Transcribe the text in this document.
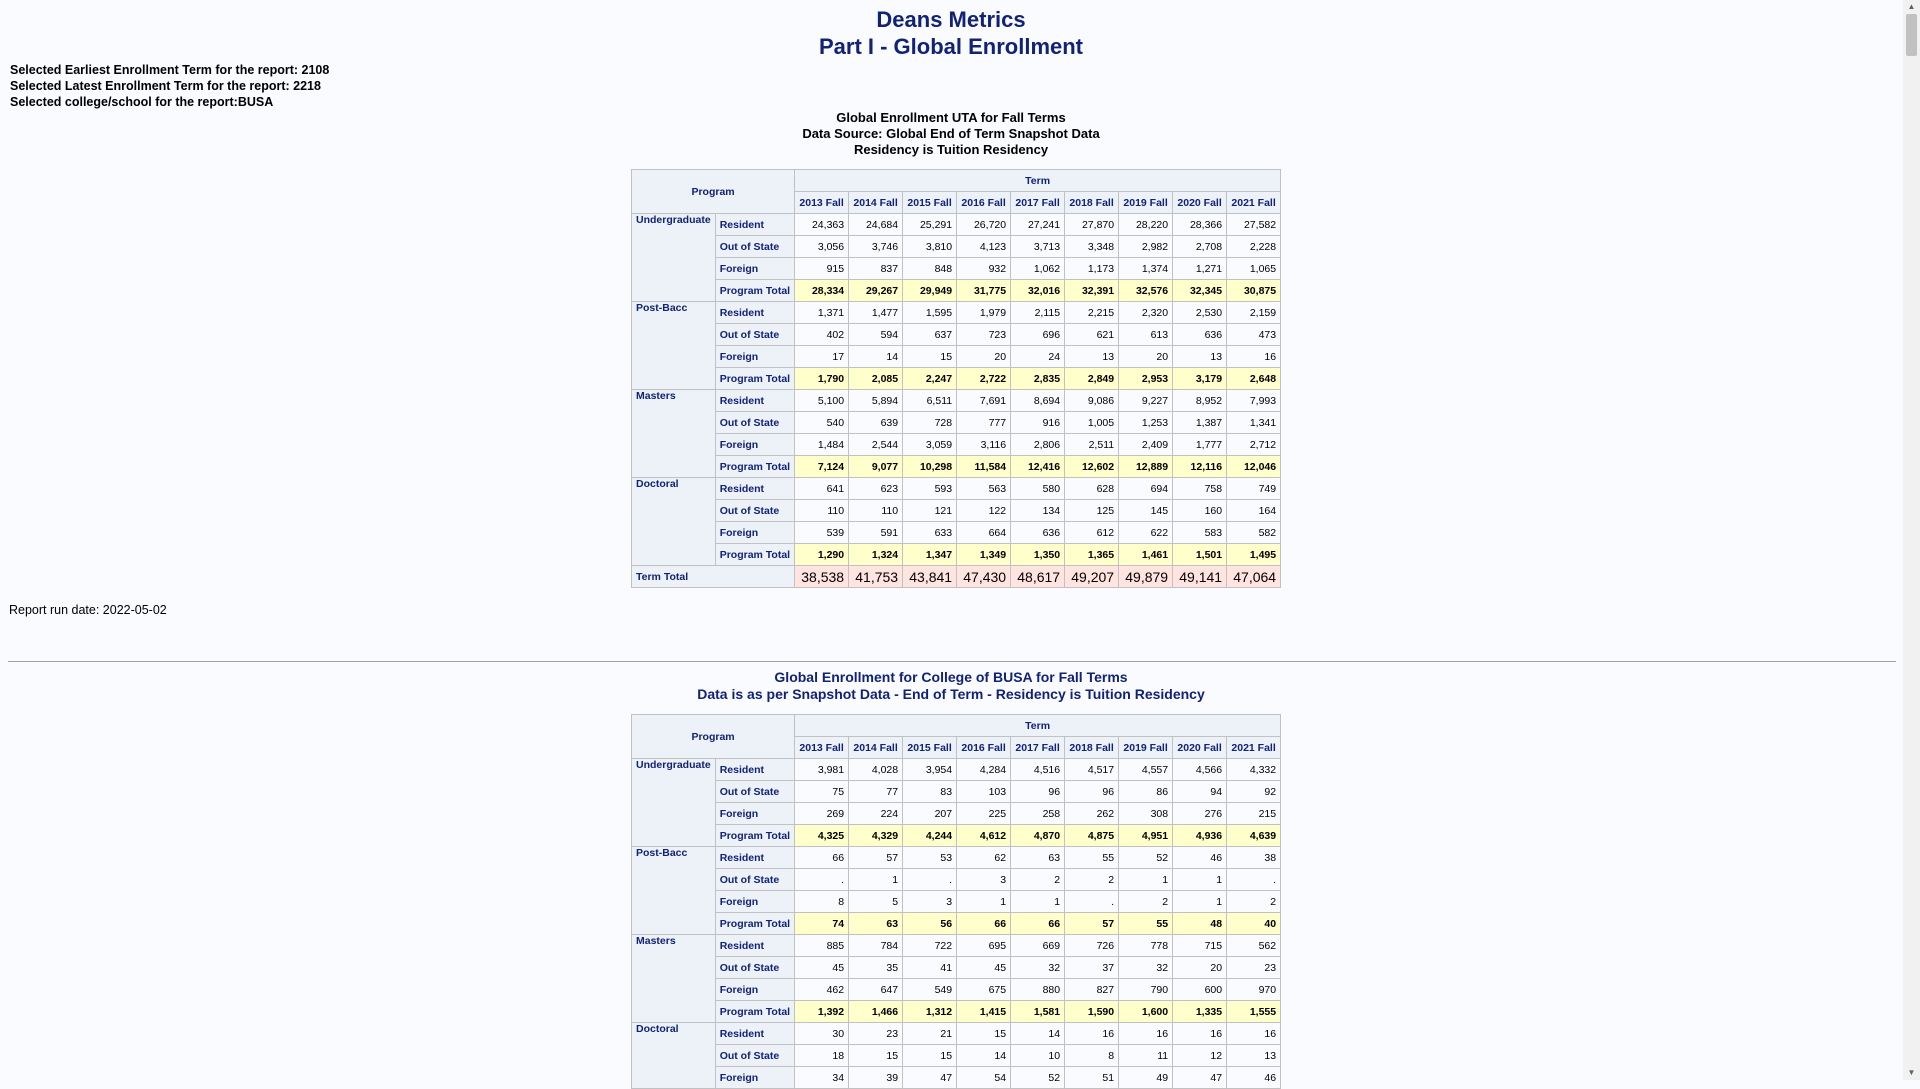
Deans Metrics
Part I - Global Enrollment
Selected Earliest Enrollment Term for the report: 2108
Selected Latest Enrollment Term for the report: 2218
Selected college/school for the report:BUSA
Global Enrollment UTA for Fall Terms
Data Source: Global End of Term Snapshot Data
Residency is Tuition Residency
Program		Term								
		2013 Fall	2014 Fall	2015 Fall	2016 Fall	2017 Fall	2018 Fall	2019 Fall	2020 Fall	2021 Fall
Undergraduate	Resident	24,363	24,684	25,291	26,720	27,241	27,870	28,220	28,366	27,582
	Out of State	3,056	3,746	3,810	4,123	3,713	3,348	2,982	2,708	2,228
	Foreign	915	837	848	932	1,062	1,173	1,374	1,271	1,065
	Program Total	28,334	29,267	29,949	31,775	32,016	32,391	32,576	32,345	30,875
Post-Bacc	Resident	1,371	1,477	1,595	1,979	2,115	2,215	2,320	2,530	2,159
	Out of State	402	594	637	723	696	621	613	636	473
	Foreign	17	14	15	20	24	13	20	13	16
	Program Total	1,790	2,085	2,247	2,722	2,835	2,849	2,953	3,179	2,648
Masters	Resident	5,100	5,894	6,511	7,691	8,694	9,086	9,227	8,952	7,993
	Out of State	540	639	728	777	916	1,005	1,253	1,387	1,341
	Foreign	1,484	2,544	3,059	3,116	2,806	2,511	2,409	1,777	2,712
	Program Total	7,124	9,077	10,298	11,584	12,416	12,602	12,889	12,116	12,046
Doctoral	Resident	641	623	593	563	580	628	694	758	749
	Out of State	110	110	121	122	134	125	145	160	164
	Foreign	539	591	633	664	636	612	622	583	582
	Program Total	1,290	1,324	1,347	1,349	1,350	1,365	1,461	1,501	1,495
Term Total		38,538	41,753	43,841	47,430	48,617	49,207	49,879	49,141	47,064
Report run date: 2022-05-02
Global Enrollment for College of BUSA for Fall Terms
Data is as per Snapshot Data - End of Term - Residency is Tuition Residency
Program		Term								
		2013 Fall	2014 Fall	2015 Fall	2016 Fall	2017 Fall	2018 Fall	2019 Fall	2020 Fall	2021 Fall
Undergraduate	Resident	3,981	4,028	3,954	4,284	4,516	4,517	4,557	4,566	4,332
	Out of State	75	77	83	103	96	96	86	94	92
	Foreign	269	224	207	225	258	262	308	276	215
	Program Total	4,325	4,329	4,244	4,612	4,870	4,875	4,951	4,936	4,639
Post-Bacc	Resident	66	57	53	62	63	55	52	46	38
	Out of State	.	1	.	3	2	2	1	1	.
	Foreign	8	5	3	1	1	.	2	1	2
	Program Total	74	63	56	66	66	57	55	48	40
Masters	Resident	885	784	722	695	669	726	778	715	562
	Out of State	45	35	41	45	32	37	32	20	23
	Foreign	462	647	549	675	880	827	790	600	970
	Program Total	1,392	1,466	1,312	1,415	1,581	1,590	1,600	1,335	1,555
Doctoral	Resident	30	23	21	15	14	16	16	16	16
	Out of State	18	15	15	14	10	8	11	12	13
	Foreign	34	39	47	54	52	51	49	47	46
▲
▼
